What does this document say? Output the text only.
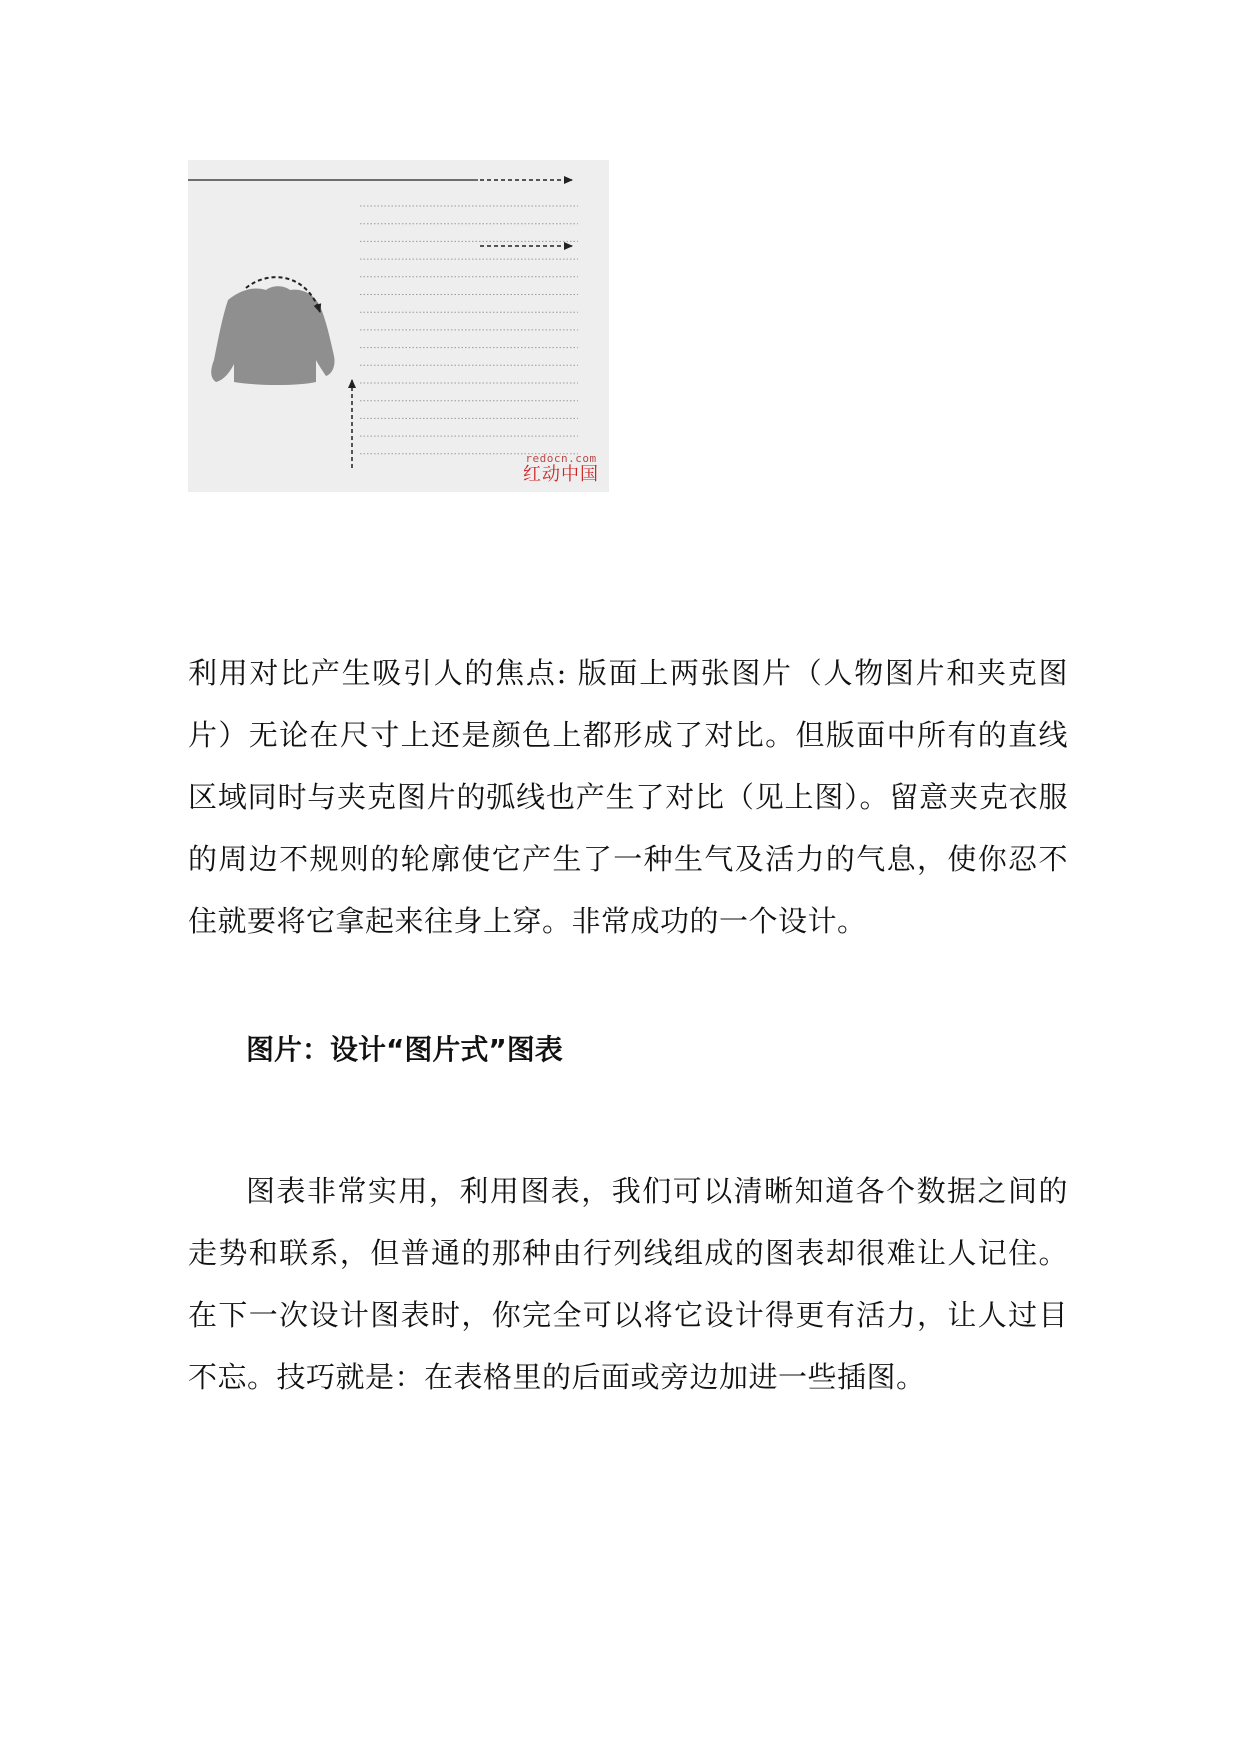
redocn.com
红动中国

利用对比产生吸引人的焦点: 版面上两张图片（人物图片和夹克图片）无论在尺寸上还是颜色上都形成了对比。但版面中所有的直线区域同时与夹克图片的弧线也产生了对比（见上图）。留意夹克衣服的周边不规则的轮廓使它产生了一种生气及活力的气息，使你忍不住就要将它拿起来往身上穿。非常成功的一个设计。

图片：设计“图片式”图表

图表非常实用，利用图表，我们可以清晰知道各个数据之间的走势和联系，但普通的那种由行列线组成的图表却很难让人记住。在下一次设计图表时，你完全可以将它设计得更有活力，让人过目不忘。技巧就是：在表格里的后面或旁边加进一些插图。
